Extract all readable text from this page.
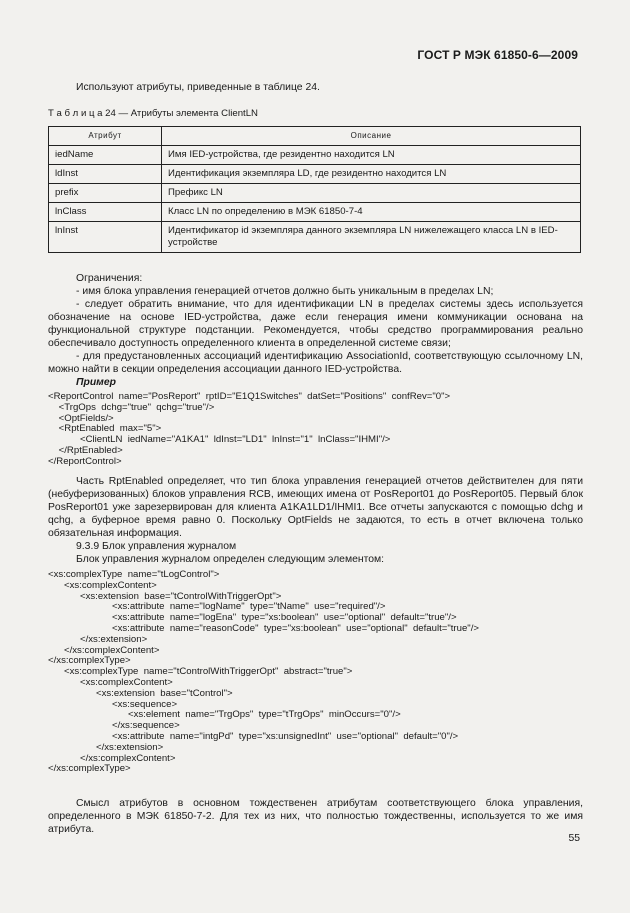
ГОСТ Р МЭК 61850-6—2009
Используют атрибуты, приведенные в таблице 24.
Т а б л и ц а 24 — Атрибуты элемента ClientLN
Атрибут	Описание
iedName	Имя IED-устройства, где резидентно находится LN
ldInst	Идентификация экземпляра LD, где резидентно находится LN
prefix	Префикс LN
lnClass	Класс LN по определению в МЭК 61850-7-4
lnInst	Идентификатор id экземпляра данного экземпляра LN нижележащего класса LN в IED-устройстве

Ограничения:

- имя блока управления генерацией отчетов должно быть уникальным в пределах LN;

- следует обратить внимание, что для идентификации LN в пределах системы здесь используется обозначение на основе IED-устройства, даже если генерация имени коммуникации основана на функциональной структуре подстанции. Рекомендуется, чтобы средство программирования реально обеспечивало доступность определенного клиента в определенной системе связи;

- для предустановленных ассоциаций идентификацию AssociationId, соответствующую ссылочному LN, можно найти в секции определения ассоциации данного IED-устройства.

Пример

<ReportControl  name="PosReport"  rptID="E1Q1Switches"  datSet="Positions"  confRev="0">
<TrgOps  dchg="true"  qchg="true"/>
<OptFields/>
<RptEnabled  max="5">
<ClientLN  iedName="A1KA1"  ldInst="LD1"  lnInst="1"  lnClass="IHMI"/>
</RptEnabled>
</ReportControl>

Часть RptEnabled определяет, что тип блока управления генерацией отчетов действителен для пяти (небуферизованных) блоков управления RCB, имеющих имена от PosReport01 до PosReport05. Первый блок PosReport01 уже зарезервирован для клиента A1KA1LD1/IHMI1. Все отчеты запускаются с помощью dchg и qchg, а буферное время равно 0. Поскольку OptFields не задаются, то есть в отчет включена только обязательная информация.

9.3.9 Блок управления журналом

Блок управления журналом определен следующим элементом:

<xs:complexType  name="tLogControl">
<xs:complexContent>
<xs:extension  base="tControlWithTriggerOpt">
<xs:attribute  name="logName"  type="tName"  use="required"/>
<xs:attribute  name="logEna"  type="xs:boolean"  use="optional"  default="true"/>
<xs:attribute  name="reasonCode"  type="xs:boolean"  use="optional"  default="true"/>
</xs:extension>
</xs:complexContent>
</xs:complexType>
<xs:complexType  name="tControlWithTriggerOpt"  abstract="true">
<xs:complexContent>
<xs:extension  base="tControl">
<xs:sequence>
<xs:element  name="TrgOps"  type="tTrgOps"  minOccurs="0"/>
</xs:sequence>
<xs:attribute  name="intgPd"  type="xs:unsignedInt"  use="optional"  default="0"/>
</xs:extension>
</xs:complexContent>
</xs:complexType>

Смысл атрибутов в основном тождественен атрибутам соответствующего блока управления, определенного в МЭК 61850-7-2. Для тех из них, что полностью тождественны, используется то же имя атрибута.

55
